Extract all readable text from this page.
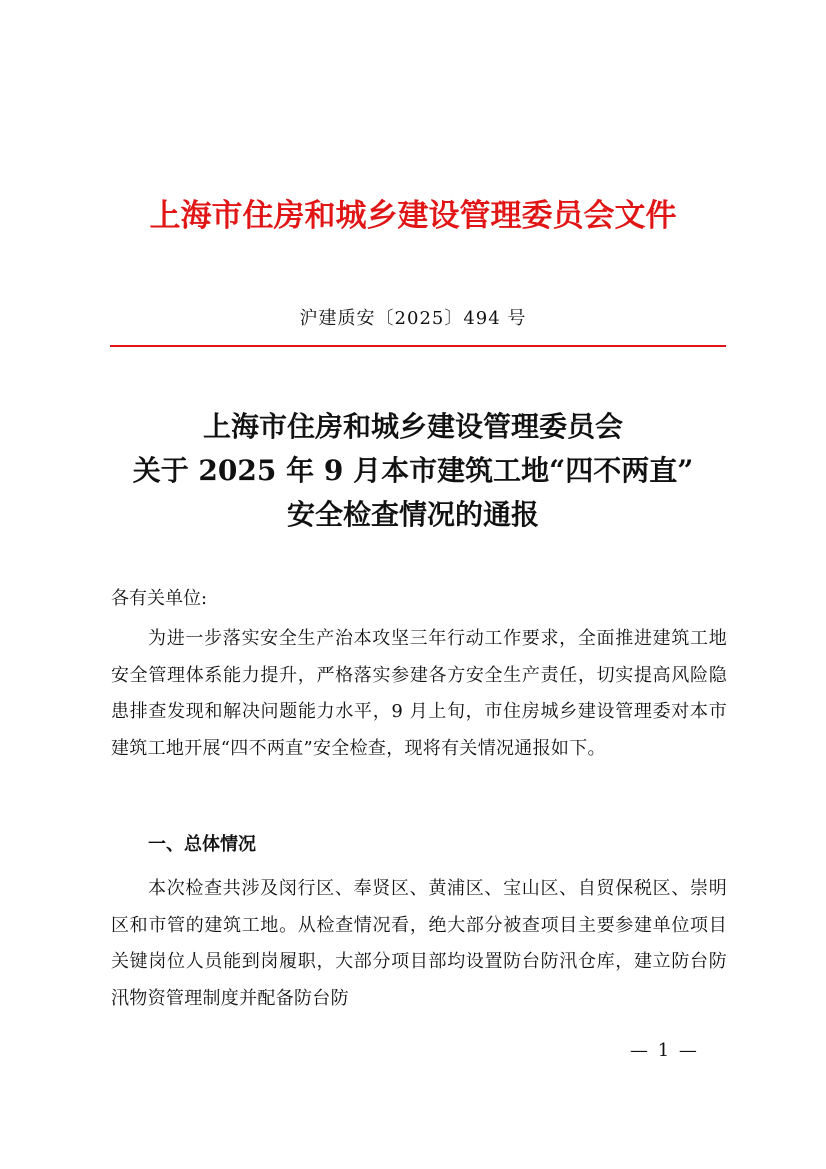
上海市住房和城乡建设管理委员会文件
沪建质安〔2025〕494 号
上海市住房和城乡建设管理委员会
关于 2025 年 9 月本市建筑工地“四不两直”
安全检查情况的通报
各有关单位:
为进一步落实安全生产治本攻坚三年行动工作要求，全面推进建筑工地安全管理体系能力提升，严格落实参建各方安全生产责任，切实提高风险隐患排查发现和解决问题能力水平，9 月上旬，市住房城乡建设管理委对本市建筑工地开展“四不两直”安全检查，现将有关情况通报如下。
一、总体情况
本次检查共涉及闵行区、奉贤区、黄浦区、宝山区、自贸保税区、崇明区和市管的建筑工地。从检查情况看，绝大部分被查项目主要参建单位项目关键岗位人员能到岗履职，大部分项目部均设置防台防汛仓库，建立防台防汛物资管理制度并配备防台防
— 1 —
